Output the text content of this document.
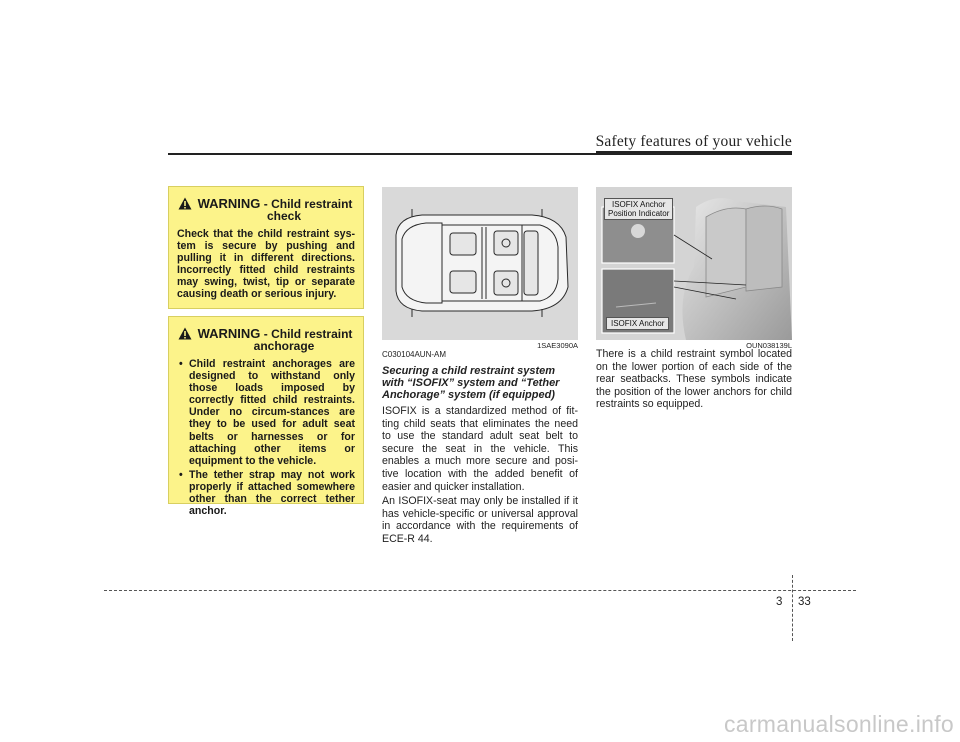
Safety features of your vehicle
WARNING - Child restraint
check
Check that the child restraint sys-tem is secure by pushing and pulling it in different directions. Incorrectly fitted child restraints may swing, twist, tip or separate causing death or serious injury.
WARNING - Child restraint
anchorage
• Child restraint anchorages are designed to withstand only those loads imposed by correctly fitted child restraints. Under no circum-stances are they to be used for adult seat belts or harnesses or for attaching other items or equipment to the vehicle.
• The tether strap may not work properly if attached somewhere other than the correct tether anchor.
1SAE3090A
ISOFIX Anchor
Position Indicator
ISOFIX Anchor
OUN038139L
C030104AUN-AM
Securing a child restraint system with “ISOFIX” system and “Tether Anchorage” system (if equipped)

ISOFIX is a standardized method of fit-ting child seats that eliminates the need to use the standard adult seat belt to secure the seat in the vehicle. This enables a much more secure and posi-tive location with the added benefit of easier and quicker installation.

An ISOFIX-seat may only be installed if it has vehicle-specific or universal approval in accordance with the requirements of ECE-R 44.

There is a child restraint symbol located on the lower portion of each side of the rear seatbacks. These symbols indicate the position of the lower anchors for child restraints so equipped.

3 33
carmanualsonline.info
